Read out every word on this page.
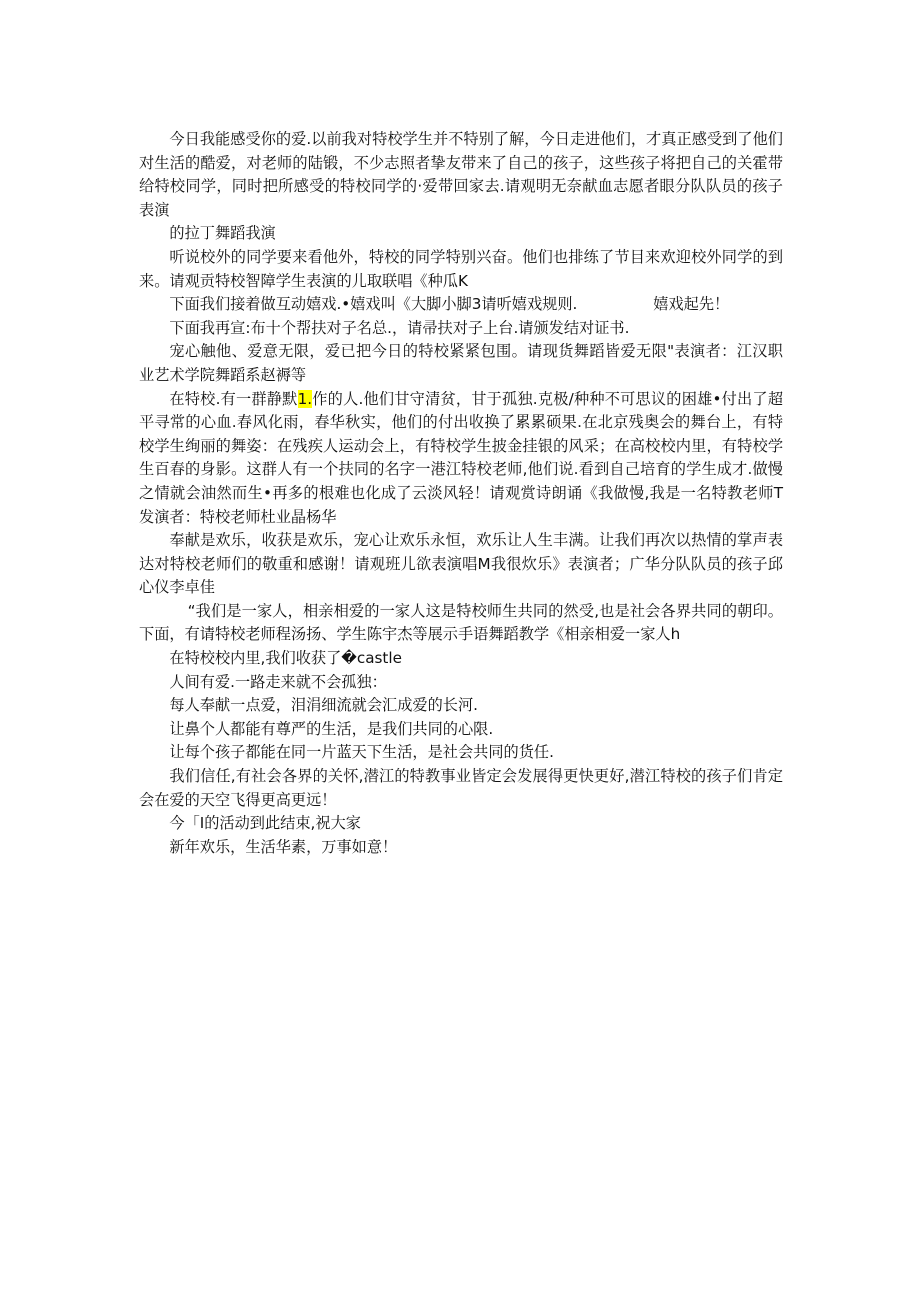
今日我能感受你的爱.以前我对特校学生并不特别了解，今日走进他们，才真正感受到了他们对生活的酷爱，对老师的陆锻，不少志照者挚友带来了自己的孩子，这些孩子将把自己的关霍带给特校同学，同时把所感受的特校同学的·爱带回家去.请观明无奈献血志愿者眼分队队员的孩子表演

的拉丁舞蹈我演

听说校外的同学要来看他外，特校的同学特别兴奋。他们也排练了节目来欢迎校外同学的到来。请观贡特校智障学生表演的儿取联唱《种瓜K

下面我们接着做互动嬉戏.•嬉戏叫《大脚小脚3请听嬉戏规则.　　　　　嬉戏起先！

下面我再宣:布十个帮扶对子名总.，请帚扶对子上台.请颁发结对证书.

宠心触他、爱意无限，爱已把今日的特校紧紧包围。请现货舞蹈皆爱无限"表演者：江汉职业艺术学院舞蹈系赵褥等

在特校.有一群静默1.作的人.他们甘守清贫，甘于孤独.克极/种种不可思议的困雄•付出了超平寻常的心血.春风化雨，春华秋实，他们的付出收换了累累硕果.在北京残奥会的舞台上，有特校学生绚丽的舞姿：在残疾人运动会上，有特校学生披金挂银的风采；在高校校内里，有特校学生百春的身影。这群人有一个扶同的名字一港江特校老师,他们说.看到自己培育的学生成才.做慢之情就会油然而生•再多的根难也化成了云淡风轻！请观赏诗朗诵《我做慢,我是一名特教老师T发演者：特校老师杜业晶杨华

奉献是欢乐，收获是欢乐，宠心让欢乐永恒，欢乐让人生丰满。让我们再次以热情的掌声表达对特校老师们的敬重和感谢！请观班儿欲表演唱M我很炊乐》表演者；广华分队队员的孩子邱心仪李卓佳

“我们是一家人，相亲相爱的一家人这是特校师生共同的然受,也是社会各界共同的朝印。下面，有请特校老师程汤扬、学生陈宇杰等展示手语舞蹈教学《相亲相爱一家人h

在特校校内里,我们收获了�castle

人间有爱.一路走来就不会孤独：

每人奉献一点爱，泪涓细流就会汇成爱的长河.

让鼻个人都能有尊严的生活，是我们共同的心限.

让每个孩子都能在同一片蓝天下生活，是社会共同的货任.

我们信任,有社会各界的关怀,潜江的特教事业皆定会发展得更快更好,潜江特校的孩子们肯定会在爱的天空飞得更高更远！

今「I的活动到此结束,祝大家

新年欢乐，生活华素，万事如意！
